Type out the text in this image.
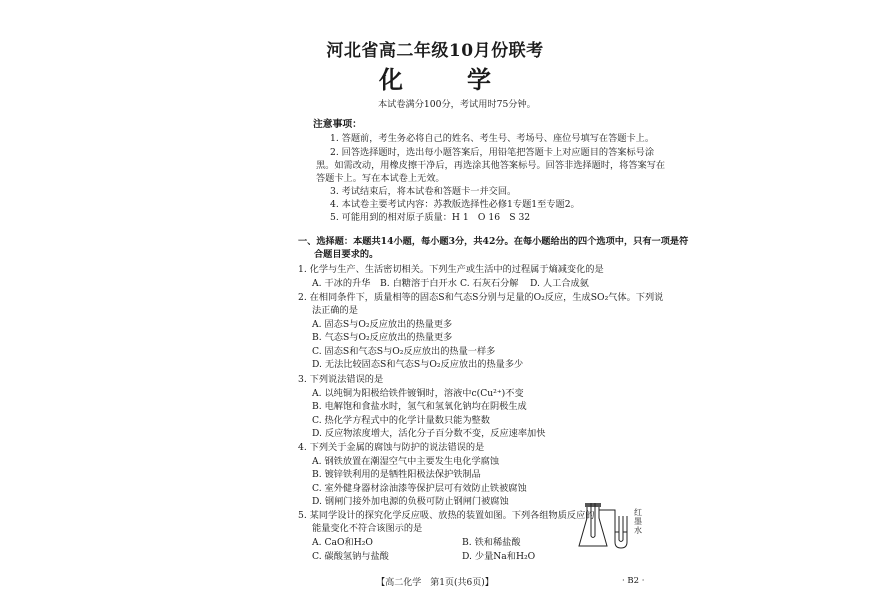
河北省高二年级10月份联考
化　学
本试卷满分100分，考试用时75分钟。
注意事项：
1. 答题前，考生务必将自己的姓名、考生号、考场号、座位号填写在答题卡上。
2. 回答选择题时，选出每小题答案后，用铅笔把答题卡上对应题目的答案标号涂
黑。如需改动，用橡皮擦干净后，再选涂其他答案标号。回答非选择题时，将答案写在
答题卡上。写在本试卷上无效。
3. 考试结束后，将本试卷和答题卡一并交回。
4. 本试卷主要考试内容：苏教版选择性必修1专题1至专题2。
5. 可能用到的相对原子质量：H 1　O 16　S 32
一、选择题：本题共14小题，每小题3分，共42分。在每小题给出的四个选项中，只有一项是符
合题目要求的。
1. 化学与生产、生活密切相关。下列生产或生活中的过程属于熵减变化的是
A. 干冰的升华 B. 白糖溶于白开水 C. 石灰石分解 D. 人工合成氨
2. 在相同条件下，质量相等的固态S和气态S分别与足量的O₂反应，生成SO₂气体。下列说
法正确的是
A. 固态S与O₂反应放出的热量更多
B. 气态S与O₂反应放出的热量更多
C. 固态S和气态S与O₂反应放出的热量一样多
D. 无法比较固态S和气态S与O₂反应放出的热量多少
3. 下列说法错误的是
A. 以纯铜为阳极给铁件镀铜时，溶液中c(Cu²⁺)不变
B. 电解饱和食盐水时，氢气和氢氧化钠均在阴极生成
C. 热化学方程式中的化学计量数只能为整数
D. 反应物浓度增大，活化分子百分数不变，反应速率加快
4. 下列关于金属的腐蚀与防护的说法错误的是
A. 钢铁放置在潮湿空气中主要发生电化学腐蚀
B. 镀锌铁利用的是牺牲阳极法保护铁制品
C. 室外健身器材涂油漆等保护层可有效防止铁被腐蚀
D. 钢闸门接外加电源的负极可防止钢闸门被腐蚀
5. 某同学设计的探究化学反应吸、放热的装置如图。下列各组物质反应的
能量变化不符合该图示的是
A. CaO和H₂O	B. 铁和稀盐酸
C. 碳酸氢钠与盐酸	D. 少量Na和H₂O
红墨水
【高二化学　第1页(共6页)】	· B2 ·
